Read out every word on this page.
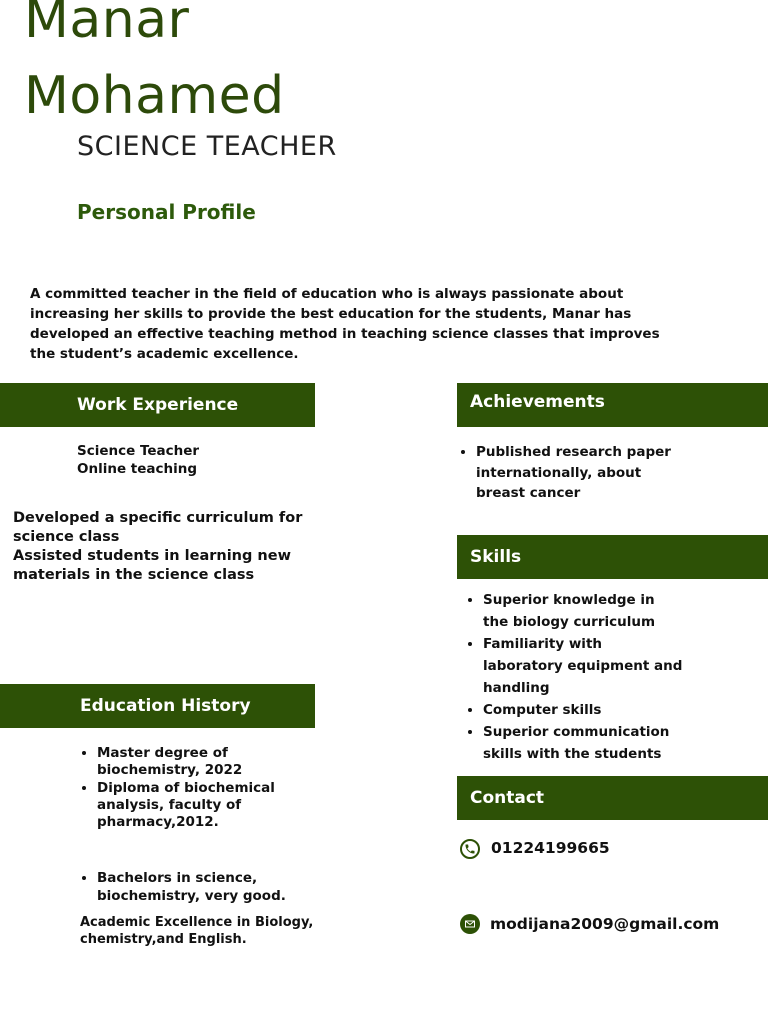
Manar
Mohamed
SCIENCE TEACHER
Personal Profile
A committed teacher in the field of education who is always passionate about increasing her skills to provide the best education for the students, Manar has developed an effective teaching method in teaching science classes that improves the student’s academic excellence.
Work Experience
Science Teacher
Online teaching
Developed a specific curriculum for science class
Assisted students in learning new materials in the science class
Education History
• Master degree of biochemistry, 2022
• Diploma of biochemical analysis, faculty of pharmacy,2012.
• Bachelors in science, biochemistry, very good.
Academic Excellence in Biology, chemistry,and English.
Achievements
• Published research paper internationally, about breast cancer
Skills
• Superior knowledge in the biology curriculum
• Familiarity with laboratory equipment and handling
• Computer skills
• Superior communication skills with the students
Contact
01224199665
modijana2009@gmail.com
